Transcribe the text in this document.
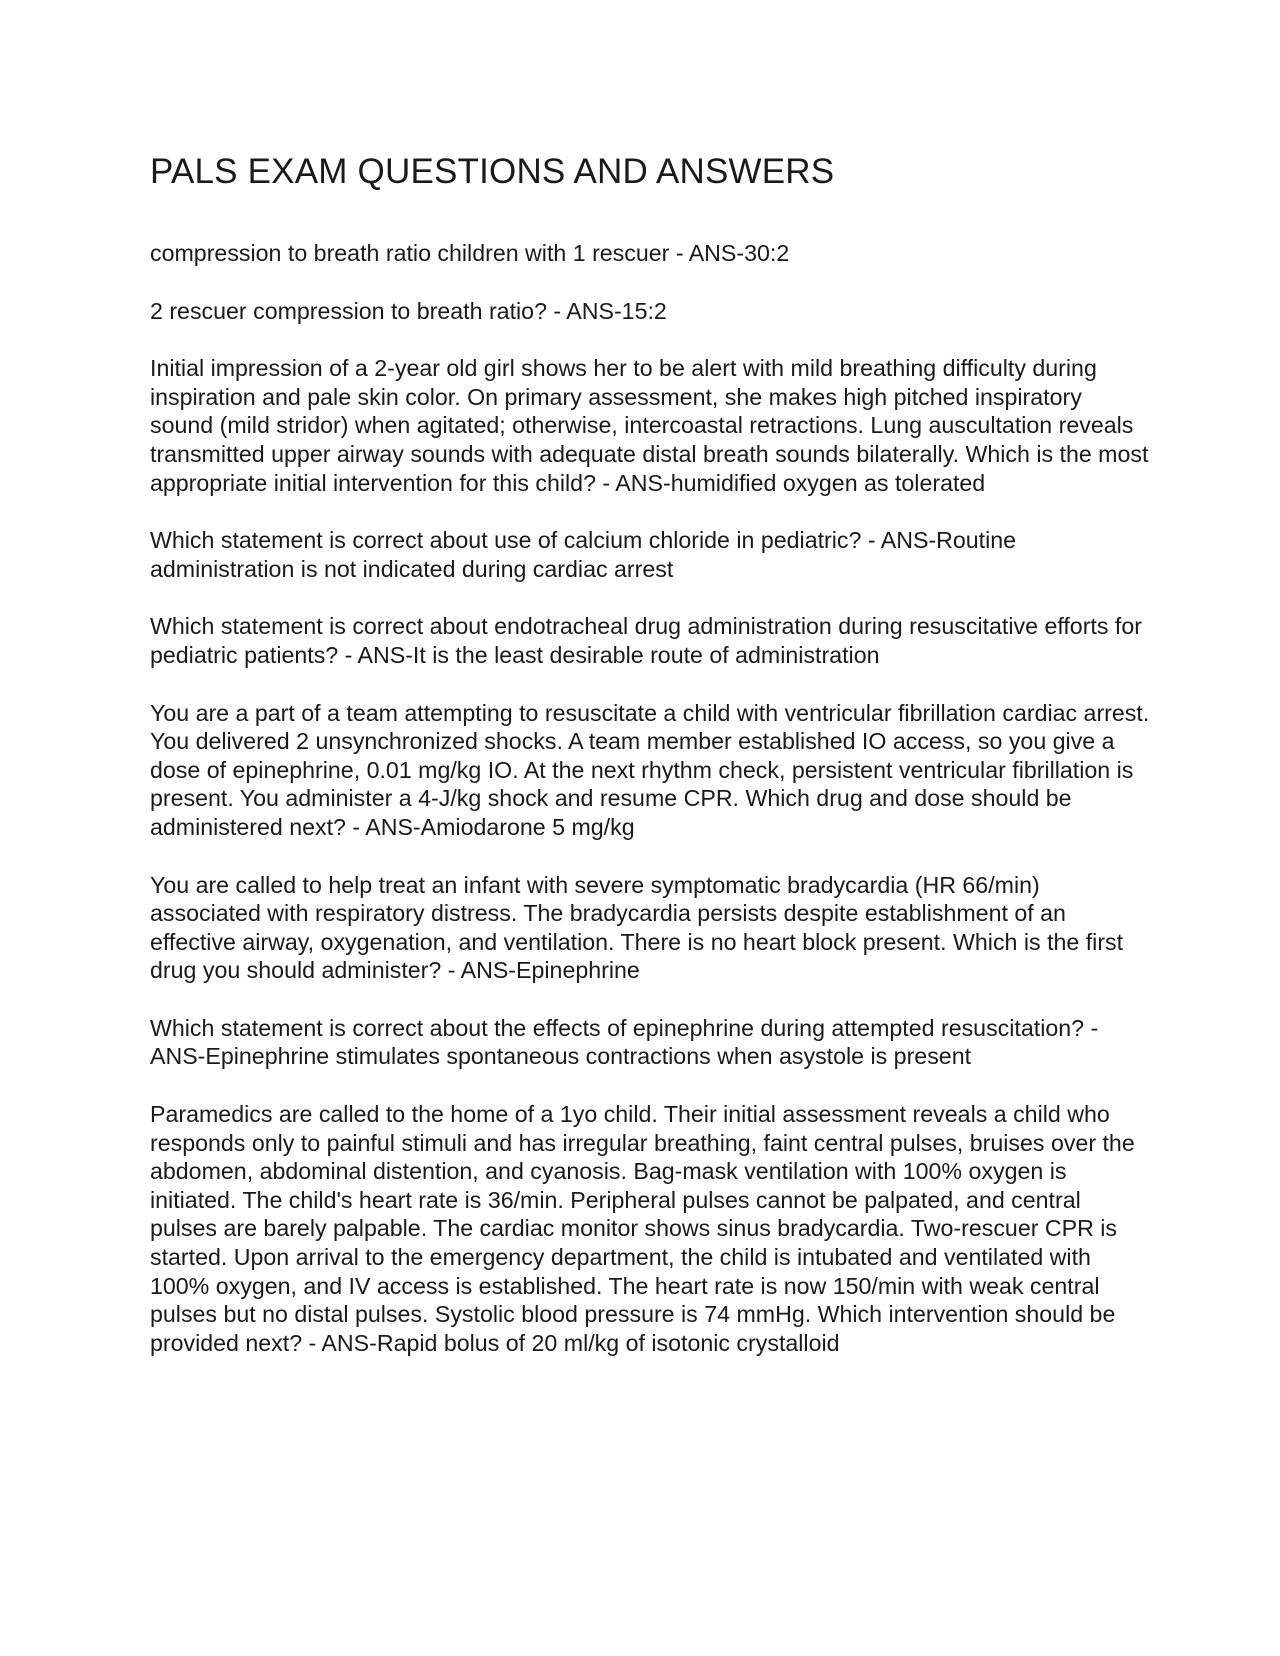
PALS EXAM QUESTIONS AND ANSWERS

compression to breath ratio children with 1 rescuer - ANS-30:2

2 rescuer compression to breath ratio? - ANS-15:2

Initial impression of a 2-year old girl shows her to be alert with mild breathing difficulty during inspiration and pale skin color. On primary assessment, she makes high pitched inspiratory sound (mild stridor) when agitated; otherwise, intercoastal retractions. Lung auscultation reveals transmitted upper airway sounds with adequate distal breath sounds bilaterally. Which is the most appropriate initial intervention for this child? - ANS-humidified oxygen as tolerated

Which statement is correct about use of calcium chloride in pediatric? - ANS-Routine administration is not indicated during cardiac arrest

Which statement is correct about endotracheal drug administration during resuscitative efforts for pediatric patients? - ANS-It is the least desirable route of administration

You are a part of a team attempting to resuscitate a child with ventricular fibrillation cardiac arrest. You delivered 2 unsynchronized shocks. A team member established IO access, so you give a dose of epinephrine, 0.01 mg/kg IO. At the next rhythm check, persistent ventricular fibrillation is present. You administer a 4-J/kg shock and resume CPR. Which drug and dose should be administered next? - ANS-Amiodarone 5 mg/kg

You are called to help treat an infant with severe symptomatic bradycardia (HR 66/min) associated with respiratory distress. The bradycardia persists despite establishment of an effective airway, oxygenation, and ventilation. There is no heart block present. Which is the first drug you should administer? - ANS-Epinephrine

Which statement is correct about the effects of epinephrine during attempted resuscitation? - ANS-Epinephrine stimulates spontaneous contractions when asystole is present

Paramedics are called to the home of a 1yo child. Their initial assessment reveals a child who responds only to painful stimuli and has irregular breathing, faint central pulses, bruises over the abdomen, abdominal distention, and cyanosis. Bag-mask ventilation with 100% oxygen is initiated. The child's heart rate is 36/min. Peripheral pulses cannot be palpated, and central pulses are barely palpable. The cardiac monitor shows sinus bradycardia. Two-rescuer CPR is started. Upon arrival to the emergency department, the child is intubated and ventilated with 100% oxygen, and IV access is established. The heart rate is now 150/min with weak central pulses but no distal pulses. Systolic blood pressure is 74 mmHg. Which intervention should be provided next? - ANS-Rapid bolus of 20 ml/kg of isotonic crystalloid
